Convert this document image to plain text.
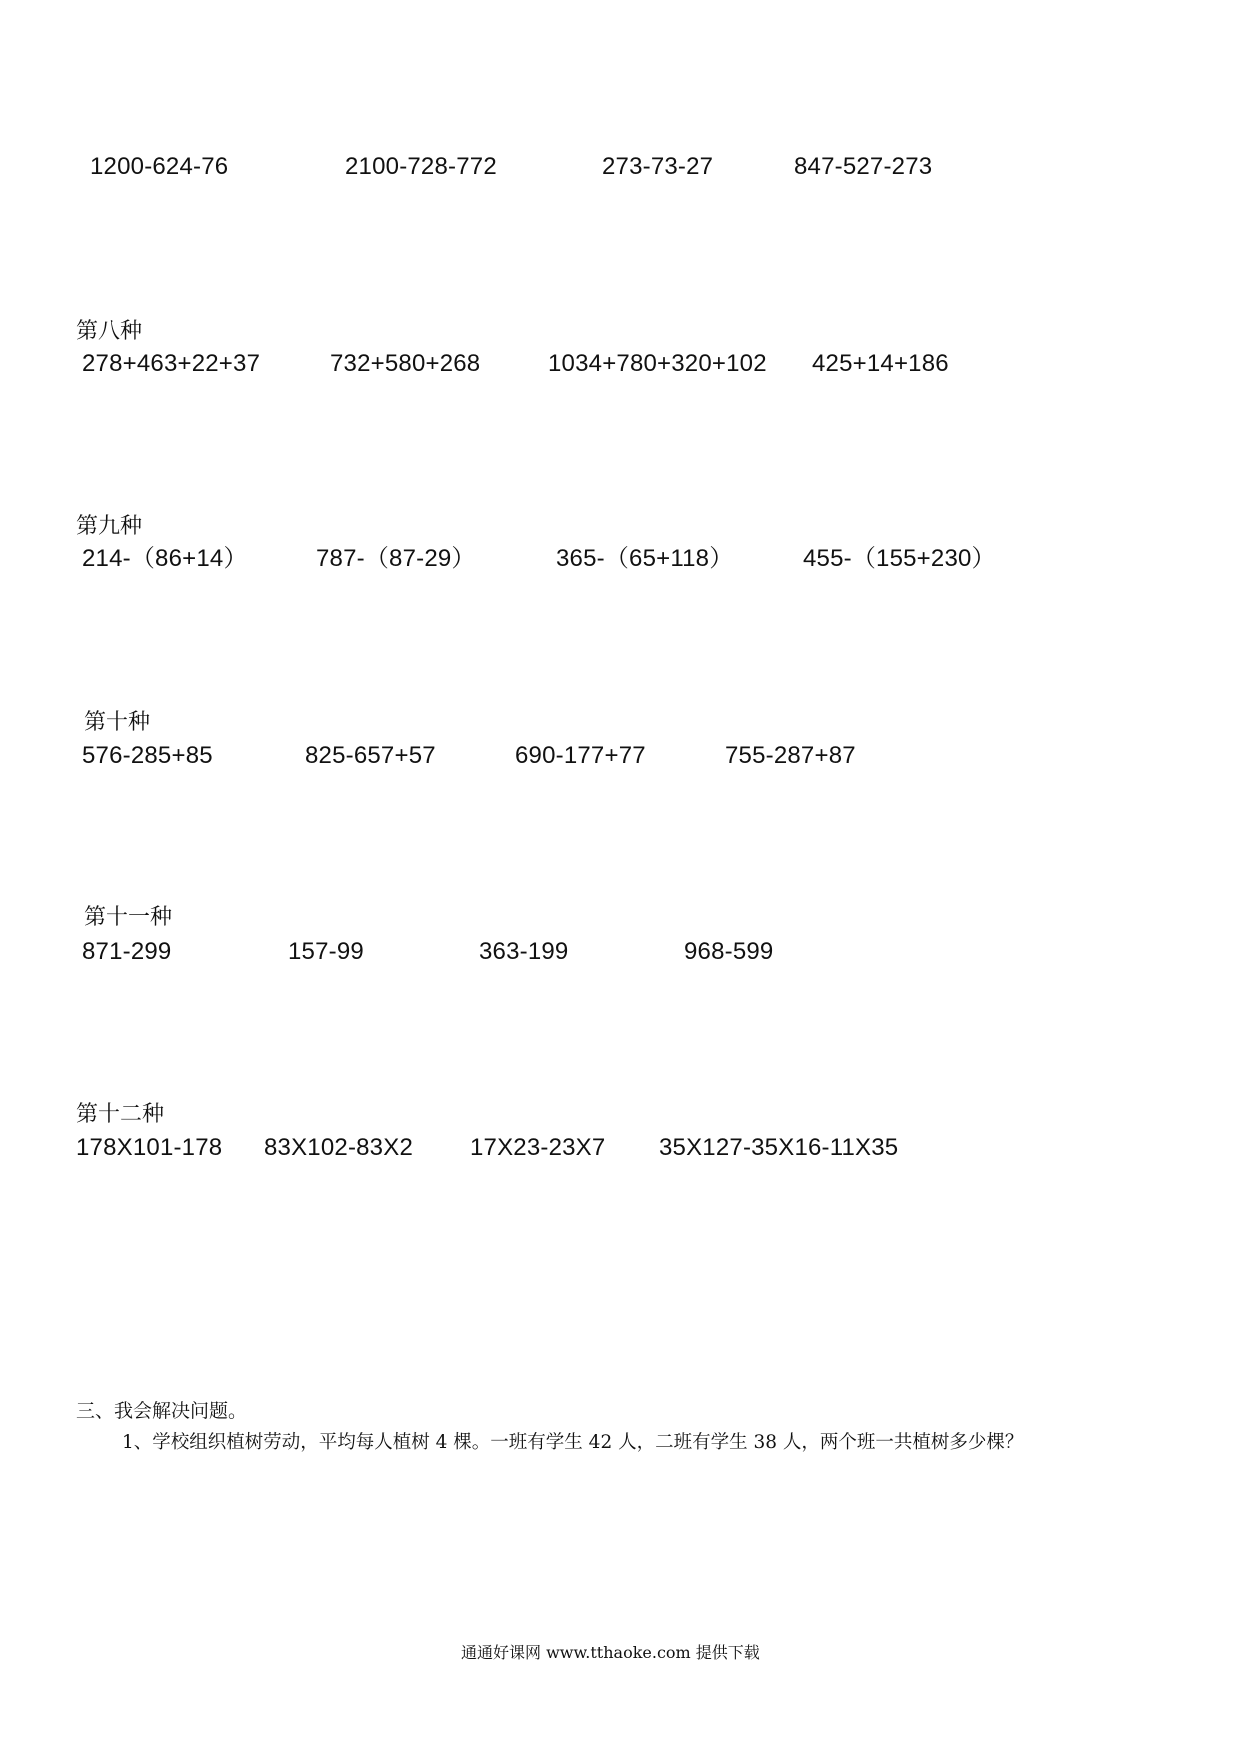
1200-624-76	2100-728-772	273-73-27	847-527-273
第八种
278+463+22+37	732+580+268	1034+780+320+102 425+14+186
第九种
214-（86+14）	787-（87-29）	365-（65+118）	455-（155+230）
第十种
576-285+85	825-657+57	690-177+77	755-287+87
第十一种
871-299	157-99	363-199	968-599
第十二种
178X101-178 83X102-83X2 17X23-23X7 35X127-35X16-11X35
三、我会解决问题。
1、学校组织植树劳动，平均每人植树 4 棵。一班有学生 42 人，二班有学生 38 人，两个班一共植树多少棵？
通通好课网 www.tthaoke.com 提供下载
